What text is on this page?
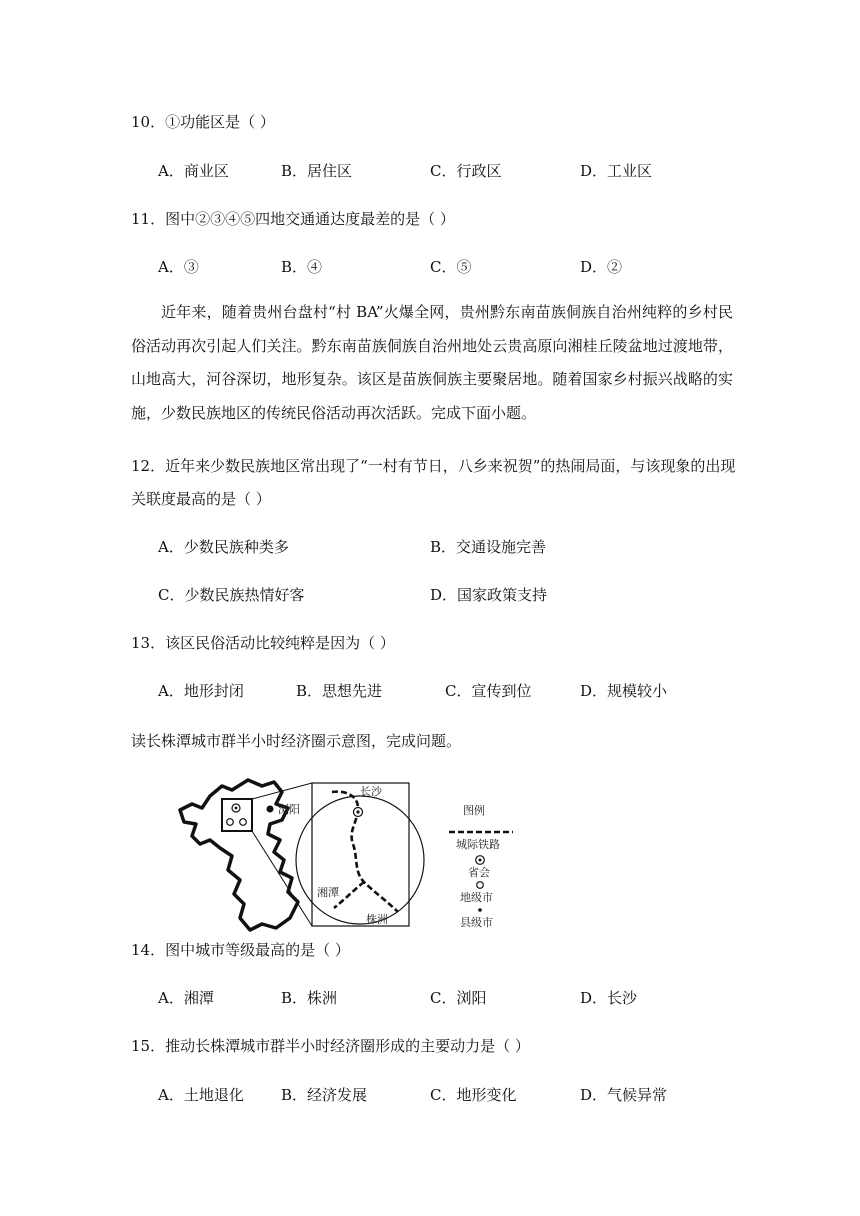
10．①功能区是（ ）
A．商业区	B．居住区	C．行政区	D．工业区
11．图中②③④⑤四地交通通达度最差的是（ ）
A．③	B．④	C．⑤	D．②
近年来，随着贵州台盘村“村 BA”火爆全网，贵州黔东南苗族侗族自治州纯粹的乡村民俗活动再次引起人们关注。黔东南苗族侗族自治州地处云贵高原向湘桂丘陵盆地过渡地带，山地高大，河谷深切，地形复杂。该区是苗族侗族主要聚居地。随着国家乡村振兴战略的实施，少数民族地区的传统民俗活动再次活跃。完成下面小题。
12．近年来少数民族地区常出现了“一村有节日，八乡来祝贺”的热闹局面，与该现象的出现
关联度最高的是（ ）
A．少数民族种类多	B．交通设施完善
C．少数民族热情好客	D．国家政策支持
13．该区民俗活动比较纯粹是因为（ ）
A．地形封闭	B．思想先进	C．宣传到位	D．规模较小
读长株潭城市群半小时经济圈示意图，完成问题。
浏阳
长沙
湘潭
株洲
图例
城际铁路
省会
地级市
县级市
14．图中城市等级最高的是（ ）
A．湘潭	B．株洲	C．浏阳	D．长沙
15．推动长株潭城市群半小时经济圈形成的主要动力是（ ）
A．土地退化 B．经济发展	C．地形变化	D．气候异常
